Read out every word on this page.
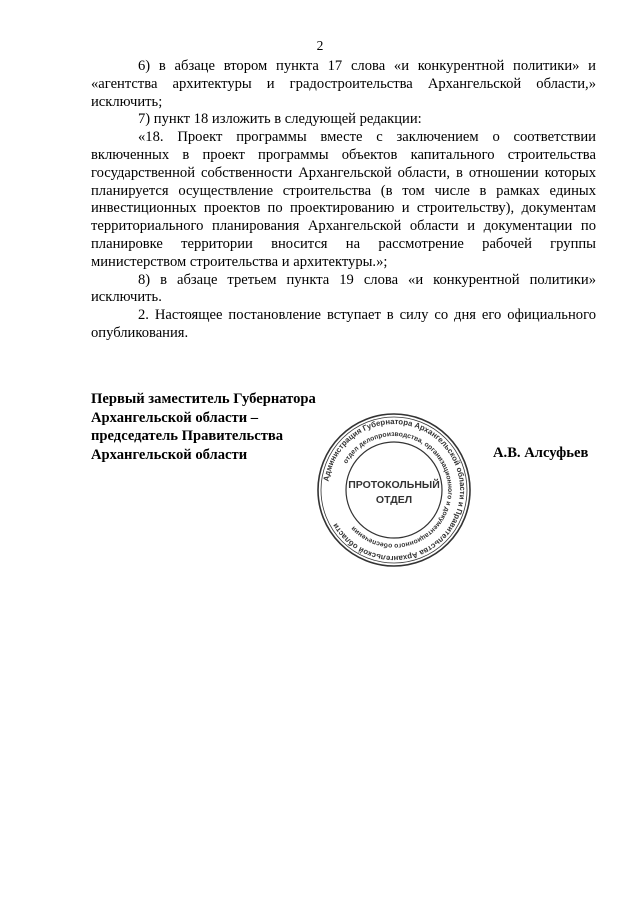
2

6) в абзаце втором пункта 17 слова «и конкурентной политики» и «агентства архитектуры и градостроительства Архангельской области,» исключить;

7) пункт 18 изложить в следующей редакции:

«18. Проект программы вместе с заключением о соответствии включенных в проект программы объектов капитального строительства государственной собственности Архангельской области, в отношении которых планируется осуществление строительства (в том числе в рамках единых инвестиционных проектов по проектированию и строительству), документам территориального планирования Архангельской области и документации по планировке территории вносится на рассмотрение рабочей группы министерством строительства и архитектуры.»;

8) в абзаце третьем пункта 19 слова «и конкурентной политики» исключить.

2. Настоящее постановление вступает в силу со дня его официального опубликования.

Первый заместитель Губернатора
Архангельской области –
председатель Правительства
Архангельской области	А.В. Алсуфьев
Администрация Губернатора Архангельской области и Правительства Архангельской области
отдел делопроизводства, организационного и документационного обеспечения
ПРОТОКОЛЬНЫЙ
ОТДЕЛ
